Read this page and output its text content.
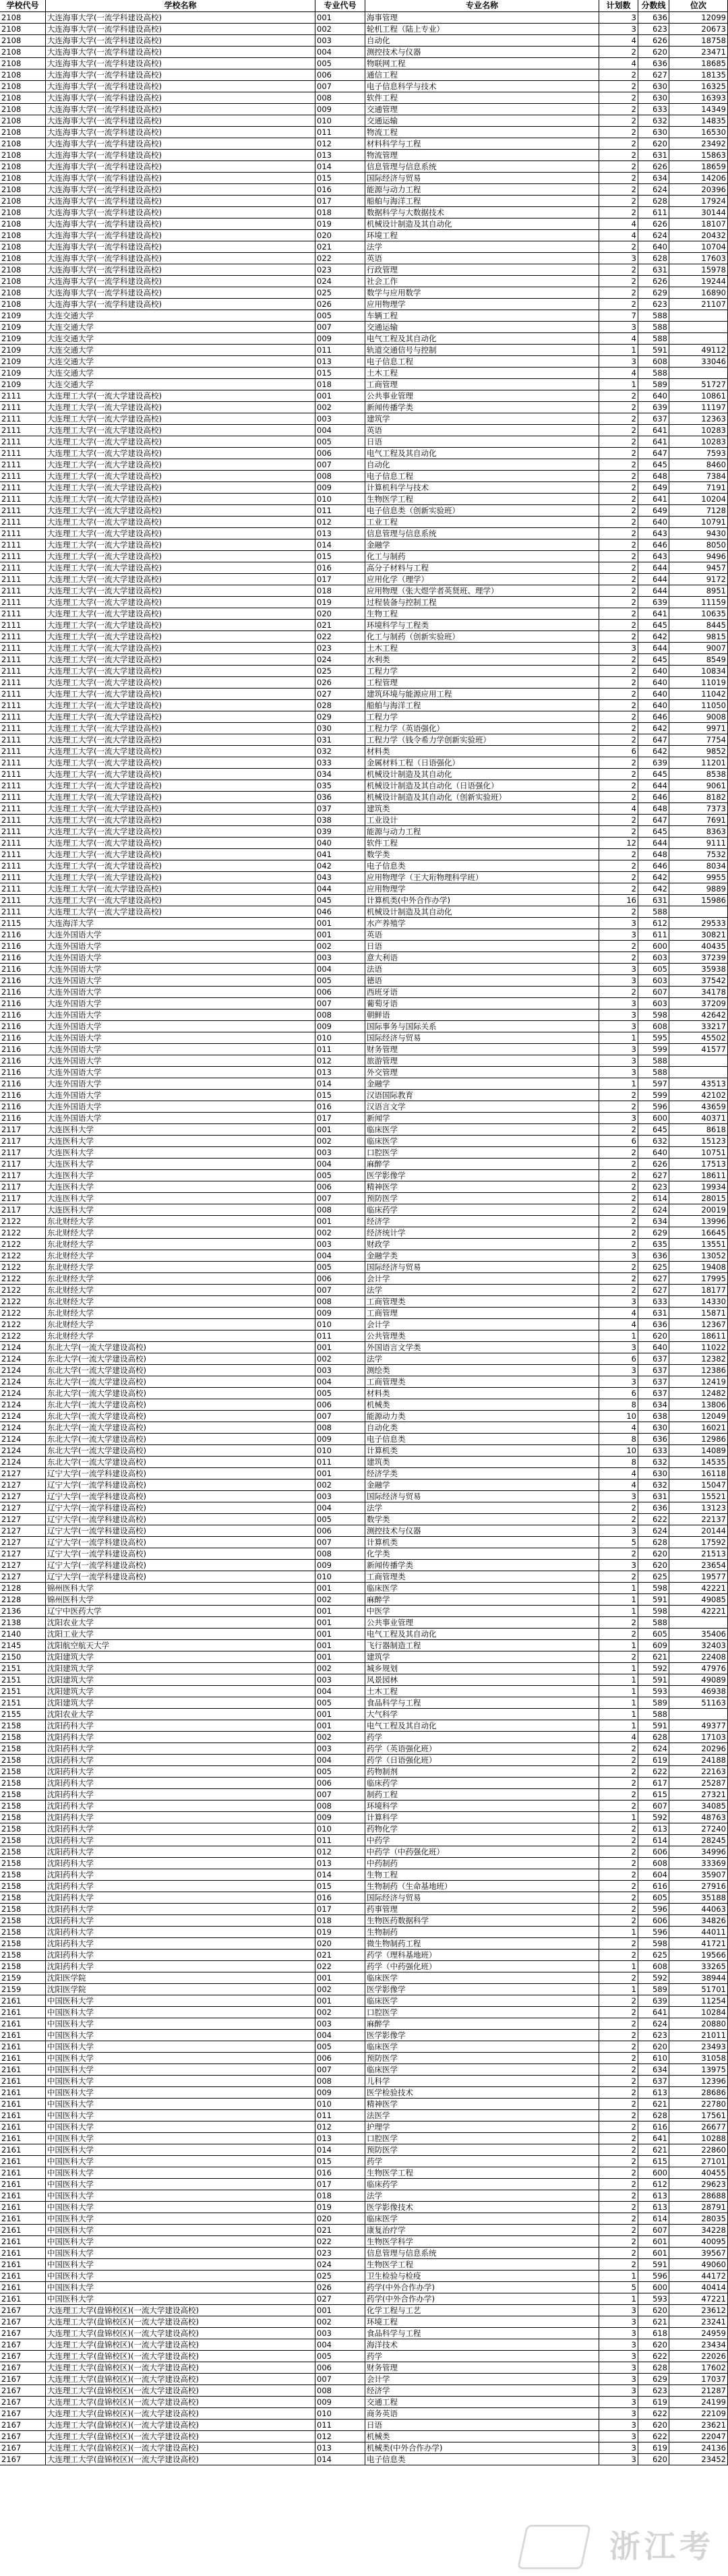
学校代号	学校名称	专业代号	专业名称	计划数	分数线	位次
2108	大连海事大学(一流学科建设高校)	001	海事管理	3	636	12099
2108	大连海事大学(一流学科建设高校)	002	轮机工程（陆上专业）	3	623	20673
2108	大连海事大学(一流学科建设高校)	003	自动化	4	626	18758
2108	大连海事大学(一流学科建设高校)	004	测控技术与仪器	2	620	23471
2108	大连海事大学(一流学科建设高校)	005	物联网工程	4	636	18685
2108	大连海事大学(一流学科建设高校)	006	通信工程	2	627	18135
2108	大连海事大学(一流学科建设高校)	007	电子信息科学与技术	2	630	16325
2108	大连海事大学(一流学科建设高校)	008	软件工程	2	630	16393
2108	大连海事大学(一流学科建设高校)	009	交通管理	2	633	14349
2108	大连海事大学(一流学科建设高校)	010	交通运输	2	632	14835
2108	大连海事大学(一流学科建设高校)	011	物流工程	2	630	16530
2108	大连海事大学(一流学科建设高校)	012	材料科学与工程	2	620	23492
2108	大连海事大学(一流学科建设高校)	013	物流管理	2	631	15863
2108	大连海事大学(一流学科建设高校)	014	信息管理与信息系统	2	626	18659
2108	大连海事大学(一流学科建设高校)	015	国际经济与贸易	2	634	14206
2108	大连海事大学(一流学科建设高校)	016	能源与动力工程	2	624	20396
2108	大连海事大学(一流学科建设高校)	017	船舶与海洋工程	2	628	17924
2108	大连海事大学(一流学科建设高校)	018	数据科学与大数据技术	2	611	30144
2108	大连海事大学(一流学科建设高校)	019	机械设计制造及其自动化	4	626	18107
2108	大连海事大学(一流学科建设高校)	020	环境工程	4	624	20432
2108	大连海事大学(一流学科建设高校)	021	法学	2	640	10704
2108	大连海事大学(一流学科建设高校)	022	英语	3	628	17603
2108	大连海事大学(一流学科建设高校)	023	行政管理	2	631	15978
2108	大连海事大学(一流学科建设高校)	024	社会工作	2	626	19244
2108	大连海事大学(一流学科建设高校)	025	数学与应用数学	2	629	16890
2108	大连海事大学(一流学科建设高校)	026	应用物理学	2	623	21107
2109	大连交通大学	005	车辆工程	7	588
2109	大连交通大学	007	交通运输	3	588
2109	大连交通大学	009	电气工程及其自动化	4	588
2109	大连交通大学	011	轨道交通信号与控制	1	591	49112
2109	大连交通大学	013	电子信息工程	3	608	33046
2109	大连交通大学	015	土木工程	4	588
2109	大连交通大学	018	工商管理	1	589	51727
2111	大连理工大学(一流大学建设高校)	001	公共事业管理	2	640	10861
2111	大连理工大学(一流大学建设高校)	002	新闻传播学类	2	639	11197
2111	大连理工大学(一流大学建设高校)	003	建筑学	2	637	12363
2111	大连理工大学(一流大学建设高校)	004	英语	2	641	10283
2111	大连理工大学(一流大学建设高校)	005	日语	2	641	10283
2111	大连理工大学(一流大学建设高校)	006	电气工程及其自动化	2	647	7593
2111	大连理工大学(一流大学建设高校)	007	自动化	2	645	8460
2111	大连理工大学(一流大学建设高校)	008	电子信息工程	2	648	7384
2111	大连理工大学(一流大学建设高校)	009	计算机科学与技术	2	649	7191
2111	大连理工大学(一流大学建设高校)	010	生物医学工程	2	641	10204
2111	大连理工大学(一流大学建设高校)	011	电子信息类（创新实验班）	2	649	7128
2111	大连理工大学(一流大学建设高校)	012	工业工程	2	640	10791
2111	大连理工大学(一流大学建设高校)	013	信息管理与信息系统	2	643	9430
2111	大连理工大学(一流大学建设高校)	014	金融学	2	646	8050
2111	大连理工大学(一流大学建设高校)	015	化工与制药	2	643	9496
2111	大连理工大学(一流大学建设高校)	016	高分子材料与工程	2	644	9457
2111	大连理工大学(一流大学建设高校)	017	应用化学（理学）	2	644	9172
2111	大连理工大学(一流大学建设高校)	018	应用物理（张大煜学者英贤班、理学）	2	644	8951
2111	大连理工大学(一流大学建设高校)	019	过程装备与控制工程	2	639	11159
2111	大连理工大学(一流大学建设高校)	020	生物工程	2	641	10635
2111	大连理工大学(一流大学建设高校)	021	环境科学与工程类	2	645	8445
2111	大连理工大学(一流大学建设高校)	022	化工与制药（创新实验班）	2	642	9815
2111	大连理工大学(一流大学建设高校)	023	土木工程	3	644	9007
2111	大连理工大学(一流大学建设高校)	024	水利类	2	645	8549
2111	大连理工大学(一流大学建设高校)	025	工程力学	2	640	10834
2111	大连理工大学(一流大学建设高校)	026	工程管理	2	640	11019
2111	大连理工大学(一流大学建设高校)	027	建筑环境与能源应用工程	2	640	11042
2111	大连理工大学(一流大学建设高校)	028	船舶与海洋工程	2	640	11050
2111	大连理工大学(一流大学建设高校)	029	工程力学	2	646	9008
2111	大连理工大学(一流大学建设高校)	030	工程力学（英语强化）	2	642	9971
2111	大连理工大学(一流大学建设高校)	031	工程力学（钱令希力学创新实验班）	2	647	7754
2111	大连理工大学(一流大学建设高校)	032	材料类	6	642	9852
2111	大连理工大学(一流大学建设高校)	033	金属材料工程（日语强化）	2	639	11201
2111	大连理工大学(一流大学建设高校)	034	机械设计制造及其自动化	2	645	8538
2111	大连理工大学(一流大学建设高校)	035	机械设计制造及其自动化（日语强化）	2	644	9061
2111	大连理工大学(一流大学建设高校)	036	机械设计制造及其自动化（创新实验班）	2	646	8182
2111	大连理工大学(一流大学建设高校)	037	建筑类	4	648	7373
2111	大连理工大学(一流大学建设高校)	038	工业设计	2	647	7691
2111	大连理工大学(一流大学建设高校)	039	能源与动力工程	2	645	8363
2111	大连理工大学(一流大学建设高校)	040	软件工程	12	644	9111
2111	大连理工大学(一流大学建设高校)	041	数学类	2	648	7532
2111	大连理工大学(一流大学建设高校)	042	电子信息类	2	646	8034
2111	大连理工大学(一流大学建设高校)	043	应用物理学（王大珩物理科学班）	2	642	9955
2111	大连理工大学(一流大学建设高校)	044	应用物理学	2	642	9889
2111	大连理工大学(一流大学建设高校)	045	计算机类(中外合作办学)	16	631	15986
2111	大连理工大学(一流大学建设高校)	046	机械设计制造及其自动化	2	588
2115	大连海洋大学	001	水产养殖学	3	612	29533
2116	大连外国语大学	001	英语	3	611	30821
2116	大连外国语大学	002	日语	2	600	40435
2116	大连外国语大学	003	意大利语	2	603	37239
2116	大连外国语大学	004	法语	3	605	35938
2116	大连外国语大学	005	德语	3	603	37542
2116	大连外国语大学	006	西班牙语	2	607	34178
2116	大连外国语大学	007	葡萄牙语	3	603	37209
2116	大连外国语大学	008	朝鲜语	3	598	42642
2116	大连外国语大学	009	国际事务与国际关系	3	608	33217
2116	大连外国语大学	010	国际经济与贸易	1	595	45502
2116	大连外国语大学	011	财务管理	3	599	41577
2116	大连外国语大学	012	旅游管理	3	588
2116	大连外国语大学	013	外交管理	3	588
2116	大连外国语大学	014	金融学	1	597	43513
2116	大连外国语大学	015	汉语国际教育	2	599	42102
2116	大连外国语大学	016	汉语言文学	2	596	43659
2116	大连外国语大学	017	新闻学	3	600	40371
2117	大连医科大学	001	临床医学	2	645	8618
2117	大连医科大学	002	临床医学	6	632	15123
2117	大连医科大学	003	口腔医学	2	640	10751
2117	大连医科大学	004	麻醉学	2	626	17513
2117	大连医科大学	005	医学影像学	2	627	18611
2117	大连医科大学	006	精神医学	2	623	19934
2117	大连医科大学	007	预防医学	2	614	28015
2117	大连医科大学	008	临床药学	2	624	20019
2122	东北财经大学	001	经济学	2	634	13996
2122	东北财经大学	002	经济统计学	2	629	16645
2122	东北财经大学	003	财政学	2	635	13551
2122	东北财经大学	004	金融学类	3	636	13052
2122	东北财经大学	005	国际经济与贸易	2	625	19408
2122	东北财经大学	006	会计学	2	627	17995
2122	东北财经大学	007	法学	2	627	18177
2122	东北财经大学	008	工商管理类	3	633	14330
2122	东北财经大学	009	工商管理	4	631	15871
2122	东北财经大学	010	会计学	4	636	12367
2122	东北财经大学	011	公共管理类	1	620	18611
2124	东北大学(一流大学建设高校)	001	外国语言文学类	3	640	11022
2124	东北大学(一流大学建设高校)	002	法学	6	637	12382
2124	东北大学(一流大学建设高校)	003	测绘类	3	637	12386
2124	东北大学(一流大学建设高校)	004	工商管理类	3	637	12419
2124	东北大学(一流大学建设高校)	005	材料类	6	637	12482
2124	东北大学(一流大学建设高校)	006	机械类	8	634	13806
2124	东北大学(一流大学建设高校)	007	能源动力类	10	638	12049
2124	东北大学(一流大学建设高校)	008	自动化类	4	630	16021
2124	东北大学(一流大学建设高校)	009	电子信息类	8	636	12986
2124	东北大学(一流大学建设高校)	010	计算机类	10	633	14089
2124	东北大学(一流大学建设高校)	011	建筑类	8	632	14535
2127	辽宁大学(一流学科建设高校)	001	经济学类	4	630	16118
2127	辽宁大学(一流学科建设高校)	002	金融学	4	632	15047
2127	辽宁大学(一流学科建设高校)	003	国际经济与贸易	3	631	15521
2127	辽宁大学(一流学科建设高校)	004	法学	2	636	13123
2127	辽宁大学(一流学科建设高校)	005	数学类	2	622	22137
2127	辽宁大学(一流学科建设高校)	006	测控技术与仪器	3	624	20144
2127	辽宁大学(一流学科建设高校)	007	计算机类	5	628	17592
2127	辽宁大学(一流学科建设高校)	008	化学类	2	620	21513
2127	辽宁大学(一流学科建设高校)	009	新闻传播学类	3	620	23654
2127	辽宁大学(一流学科建设高校)	010	工商管理类	2	625	19577
2128	锦州医科大学	001	临床医学	1	598	42221
2128	锦州医科大学	002	麻醉学	1	591	49085
2136	辽宁中医药大学	001	中医学	1	598	42221
2138	沈阳农业大学	001	公共事业管理	2	588
2140	沈阳工业大学	001	电气工程及其自动化	2	605	35406
2145	沈阳航空航天大学	001	飞行器制造工程	1	609	32403
2150	沈阳建筑大学	001	建筑学	2	621	22408
2151	沈阳建筑大学	002	城乡规划	1	592	47976
2151	沈阳建筑大学	003	风景园林	1	591	49089
2151	沈阳建筑大学	004	土木工程	1	593	46938
2151	沈阳建筑大学	005	食品科学与工程	1	589	51163
2155	沈阳农业大学	001	大气科学	1	588
2158	沈阳药科大学	001	电气工程及其自动化	1	591	49377
2158	沈阳药科大学	002	药学	4	628	17103
2158	沈阳药科大学	003	药学（英语强化班）	2	624	20296
2158	沈阳药科大学	004	药学（日语强化班）	2	619	24188
2158	沈阳药科大学	005	药物制剂	2	622	22163
2158	沈阳药科大学	006	临床药学	2	617	25287
2158	沈阳药科大学	007	制药工程	2	615	27321
2158	沈阳药科大学	008	环境科学	2	607	34085
2158	沈阳药科大学	009	计算科学	1	592	48763
2158	沈阳药科大学	010	药物化学	2	613	27240
2158	沈阳药科大学	011	中药学	2	614	28245
2158	沈阳药科大学	012	中药学（中药强化班）	2	606	34996
2158	沈阳药科大学	013	中药制药	2	608	33369
2158	沈阳药科大学	014	生物工程	2	604	35907
2158	沈阳药科大学	015	生物制药（生命基地班）	2	616	27916
2158	沈阳药科大学	016	国际经济与贸易	2	605	35188
2158	沈阳药科大学	017	药事管理	2	596	44063
2158	沈阳药科大学	018	生物医药数据科学	2	606	34826
2158	沈阳药科大学	019	生物制药	1	596	44011
2158	沈阳药科大学	020	微生物制药工程	2	598	41721
2158	沈阳药科大学	021	药学（理科基地班）	2	625	19566
2158	沈阳药科大学	022	药学（中药强化班）	1	608	33265
2159	沈阳医学院	001	临床医学	2	592	38944
2159	沈阳医学院	002	医学影像学	1	589	51701
2161	中国医科大学	001	临床医学	2	639	11254
2161	中国医科大学	002	口腔医学	2	641	10284
2161	中国医科大学	003	麻醉学	2	624	20880
2161	中国医科大学	004	医学影像学	2	623	21011
2161	中国医科大学	005	临床医学	2	620	23493
2161	中国医科大学	006	预防医学	2	610	31058
2161	中国医科大学	007	临床医学	2	634	13975
2161	中国医科大学	008	儿科学	2	637	12396
2161	中国医科大学	009	医学检验技术	2	613	28686
2161	中国医科大学	010	精神医学	2	621	22780
2161	中国医科大学	011	法医学	2	628	17561
2161	中国医科大学	012	护理学	2	616	26677
2161	中国医科大学	013	口腔医学	2	641	10288
2161	中国医科大学	014	预防医学	2	621	22860
2161	中国医科大学	015	药学	2	615	27101
2161	中国医科大学	016	生物医学工程	2	600	40455
2161	中国医科大学	017	临床药学	2	612	29623
2161	中国医科大学	018	法学	2	613	28688
2161	中国医科大学	019	医学影像技术	2	613	28791
2161	中国医科大学	020	临床医学	2	614	28035
2161	中国医科大学	021	康复治疗学	2	607	34228
2161	中国医科大学	022	生物医学科学	2	601	40095
2161	中国医科大学	023	信息管理与信息系统	2	601	39567
2161	中国医科大学	024	生物医学工程	2	591	49060
2161	中国医科大学	025	卫生检验与检疫	1	596	44172
2161	中国医科大学	026	药学(中外合作办学)	5	600	40414
2161	中国医科大学	027	药学(中外合作办学)	1	593	47221
2167	大连理工大学(盘锦校区)(一流大学建设高校)	001	化学工程与工艺	3	620	23612
2167	大连理工大学(盘锦校区)(一流大学建设高校)	002	环境工程	3	621	23241
2167	大连理工大学(盘锦校区)(一流大学建设高校)	003	食品科学与工程	3	618	24959
2167	大连理工大学(盘锦校区)(一流大学建设高校)	004	海洋技术	3	620	23434
2167	大连理工大学(盘锦校区)(一流大学建设高校)	005	药学	3	622	22026
2167	大连理工大学(盘锦校区)(一流大学建设高校)	006	财务管理	3	628	17602
2167	大连理工大学(盘锦校区)(一流大学建设高校)	007	会计学	3	629	17037
2167	大连理工大学(盘锦校区)(一流大学建设高校)	008	经济学	3	623	21287
2167	大连理工大学(盘锦校区)(一流大学建设高校)	009	交通工程	3	619	24199
2167	大连理工大学(盘锦校区)(一流大学建设高校)	010	商务英语	3	622	22109
2167	大连理工大学(盘锦校区)(一流大学建设高校)	011	日语	3	620	23621
2167	大连理工大学(盘锦校区)(一流大学建设高校)	012	机械类	3	622	22047
2167	大连理工大学(盘锦校区)(一流大学建设高校)	013	机械类(中外合作办学)	3	619	24136
2167	大连理工大学(盘锦校区)(一流大学建设高校)	014	电子信息类	3	620	23452
浙江考
